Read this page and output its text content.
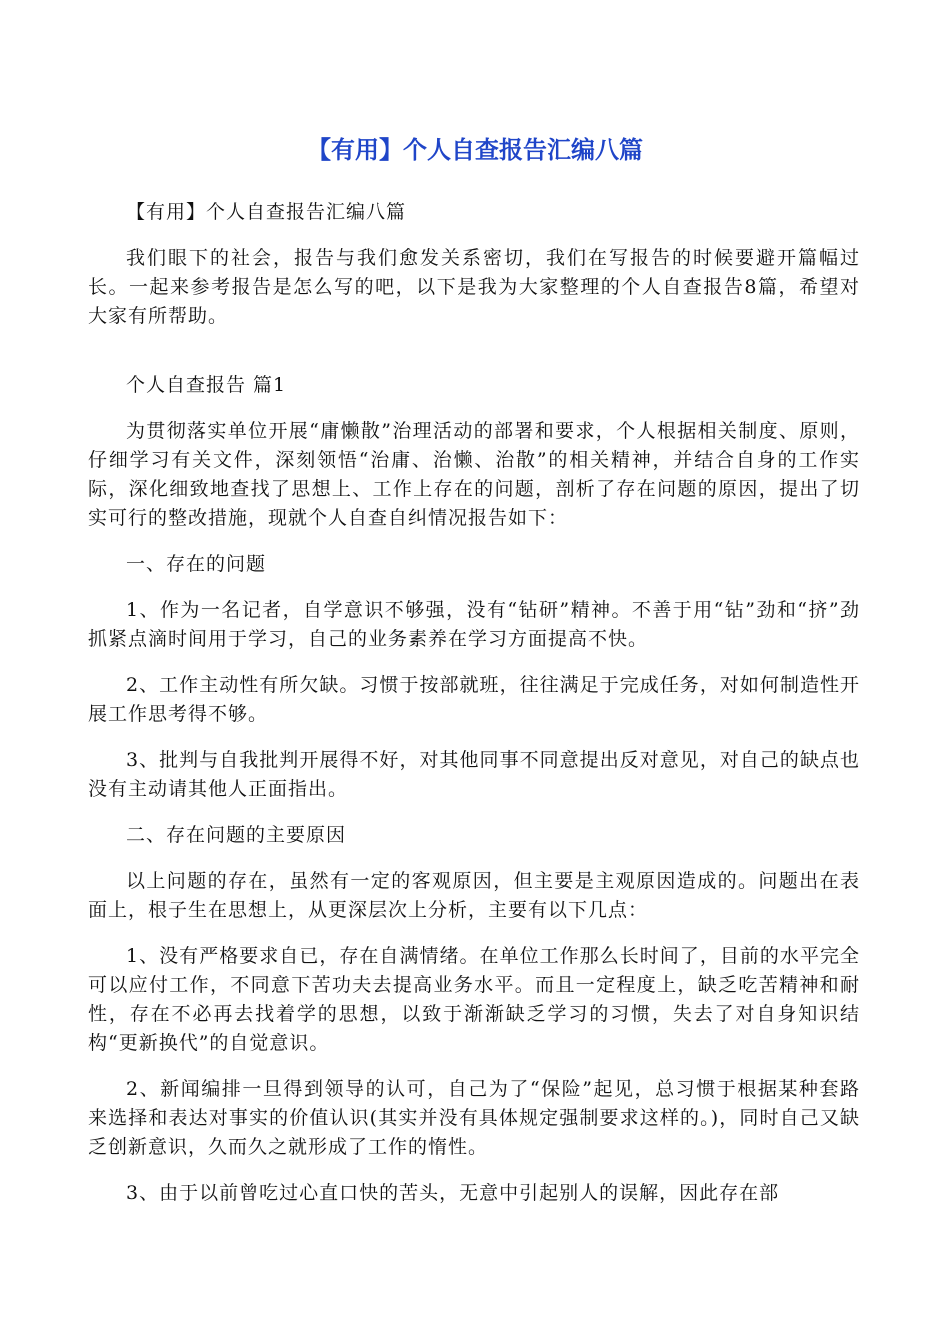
【有用】个人自查报告汇编八篇

【有用】个人自查报告汇编八篇

我们眼下的社会，报告与我们愈发关系密切，我们在写报告的时候要避开篇幅过长。一起来参考报告是怎么写的吧，以下是我为大家整理的个人自查报告8篇，希望对大家有所帮助。

个人自查报告 篇1

为贯彻落实单位开展“庸懒散”治理活动的部署和要求，个人根据相关制度、原则，仔细学习有关文件，深刻领悟“治庸、治懒、治散”的相关精神，并结合自身的工作实际，深化细致地查找了思想上、工作上存在的问题，剖析了存在问题的原因，提出了切实可行的整改措施，现就个人自查自纠情况报告如下：

一、存在的问题

1、作为一名记者，自学意识不够强，没有“钻研”精神。不善于用“钻”劲和“挤”劲抓紧点滴时间用于学习，自己的业务素养在学习方面提高不快。

2、工作主动性有所欠缺。习惯于按部就班，往往满足于完成任务，对如何制造性开展工作思考得不够。

3、批判与自我批判开展得不好，对其他同事不同意提出反对意见，对自己的缺点也没有主动请其他人正面指出。

二、存在问题的主要原因

以上问题的存在，虽然有一定的客观原因，但主要是主观原因造成的。问题出在表面上，根子生在思想上，从更深层次上分析，主要有以下几点：

1、没有严格要求自已，存在自满情绪。在单位工作那么长时间了，目前的水平完全可以应付工作，不同意下苦功夫去提高业务水平。而且一定程度上，缺乏吃苦精神和耐性，存在不必再去找着学的思想，以致于渐渐缺乏学习的习惯，失去了对自身知识结构“更新换代”的自觉意识。

2、新闻编排一旦得到领导的认可，自己为了“保险”起见，总习惯于根据某种套路来选择和表达对事实的价值认识(其实并没有具体规定强制要求这样的。)，同时自己又缺乏创新意识，久而久之就形成了工作的惰性。

3、由于以前曾吃过心直口快的苦头，无意中引起别人的误解，因此存在部
